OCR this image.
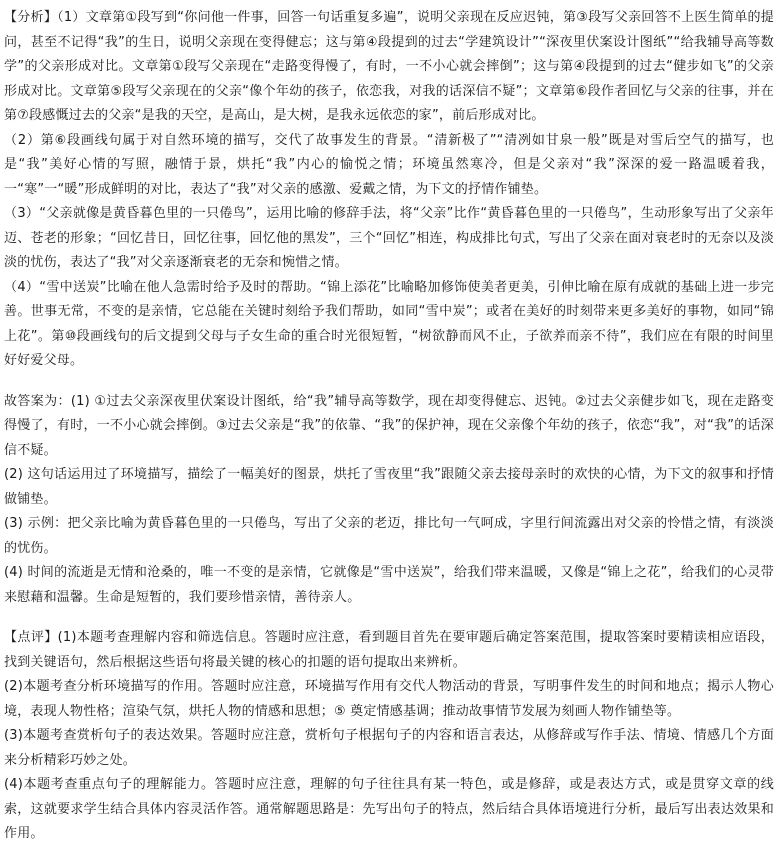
【分析】（1）文章第①段写到“你问他一件事，回答一句话重复多遍”，说明父亲现在反应迟钝，第③段写父亲回答不上医生简单的提问，甚至不记得“我”的生日，说明父亲现在变得健忘；这与第④段提到的过去“学建筑设计”“深夜里伏案设计图纸”“给我辅导高等数学”的父亲形成对比。文章第①段写父亲现在“走路变得慢了，有时，一不小心就会摔倒”；这与第④段提到的过去“健步如飞”的父亲形成对比。文章第⑤段写父亲现在的父亲“像个年幼的孩子，依恋我，对我的话深信不疑”；文章第⑥段作者回忆与父亲的往事，并在第⑦段感慨过去的父亲“是我的天空，是高山，是大树，是我永远依恋的家”，前后形成对比。

（2）第⑥段画线句属于对自然环境的描写，交代了故事发生的背景。“清新极了”“清冽如甘泉一般”既是对雪后空气的描写，也是“我”美好心情的写照，融情于景，烘托“我”内心的愉悦之情；环境虽然寒冷，但是父亲对“我”深深的爱一路温暖着我，一“寒”一“暖”形成鲜明的对比，表达了“我”对父亲的感激、爱戴之情，为下文的抒情作铺垫。

（3）“父亲就像是黄昏暮色里的一只倦鸟”，运用比喻的修辞手法，将“父亲”比作“黄昏暮色里的一只倦鸟”，生动形象写出了父亲年迈、苍老的形象；“回忆昔日，回忆往事，回忆他的黑发”，三个“回忆”相连，构成排比句式，写出了父亲在面对衰老时的无奈以及淡淡的忧伤，表达了“我”对父亲逐渐衰老的无奈和惋惜之情。

（4）“雪中送炭”比喻在他人急需时给予及时的帮助。“锦上添花”比喻略加修饰使美者更美，引伸比喻在原有成就的基础上进一步完善。世事无常，不变的是亲情，它总能在关键时刻给予我们帮助，如同“雪中炭”；或者在美好的时刻带来更多美好的事物，如同“锦上花”。第⑩段画线句的后文提到父母与子女生命的重合时光很短暂，“树欲静而风不止，子欲养而亲不待”，我们应在有限的时间里好好爱父母。

故答案为：(1) ①过去父亲深夜里伏案设计图纸，给“我”辅导高等数学，现在却变得健忘、迟钝。②过去父亲健步如飞，现在走路变得慢了，有时，一不小心就会摔倒。③过去父亲是“我”的依靠、“我”的保护神，现在父亲像个年幼的孩子，依恋“我”，对“我”的话深信不疑。

(2) 这句话运用过了环境描写，描绘了一幅美好的图景，烘托了雪夜里“我”跟随父亲去接母亲时的欢快的心情，为下文的叙事和抒情做铺垫。

(3) 示例：把父亲比喻为黄昏暮色里的一只倦鸟，写出了父亲的老迈，排比句一气呵成，字里行间流露出对父亲的怜惜之情，有淡淡的忧伤。

(4) 时间的流逝是无情和沧桑的，唯一不变的是亲情，它就像是“雪中送炭”，给我们带来温暖，又像是“锦上之花”，给我们的心灵带来慰藉和温馨。生命是短暂的，我们要珍惜亲情，善待亲人。

【点评】(1)本题考查理解内容和筛选信息。答题时应注意，看到题目首先在要审题后确定答案范围，提取答案时要精读相应语段，找到关键语句，然后根据这些语句将最关键的核心的扣题的语句提取出来辨析。

(2)本题考查分析环境描写的作用。答题时应注意，环境描写作用有交代人物活动的背景，写明事件发生的时间和地点；揭示人物心境，表现人物性格；渲染气氛，烘托人物的情感和思想；⑤ 奠定情感基调；推动故事情节发展为刻画人物作铺垫等。

(3)本题考查赏析句子的表达效果。答题时应注意，赏析句子根据句子的内容和语言表达，从修辞或写作手法、情境、情感几个方面来分析精彩巧妙之处。

(4)本题考查重点句子的理解能力。答题时应注意，理解的句子往往具有某一特色，或是修辞，或是表达方式，或是贯穿文章的线索，这就要求学生结合具体内容灵活作答。通常解题思路是：先写出句子的特点，然后结合具体语境进行分析，最后写出表达效果和作用。
